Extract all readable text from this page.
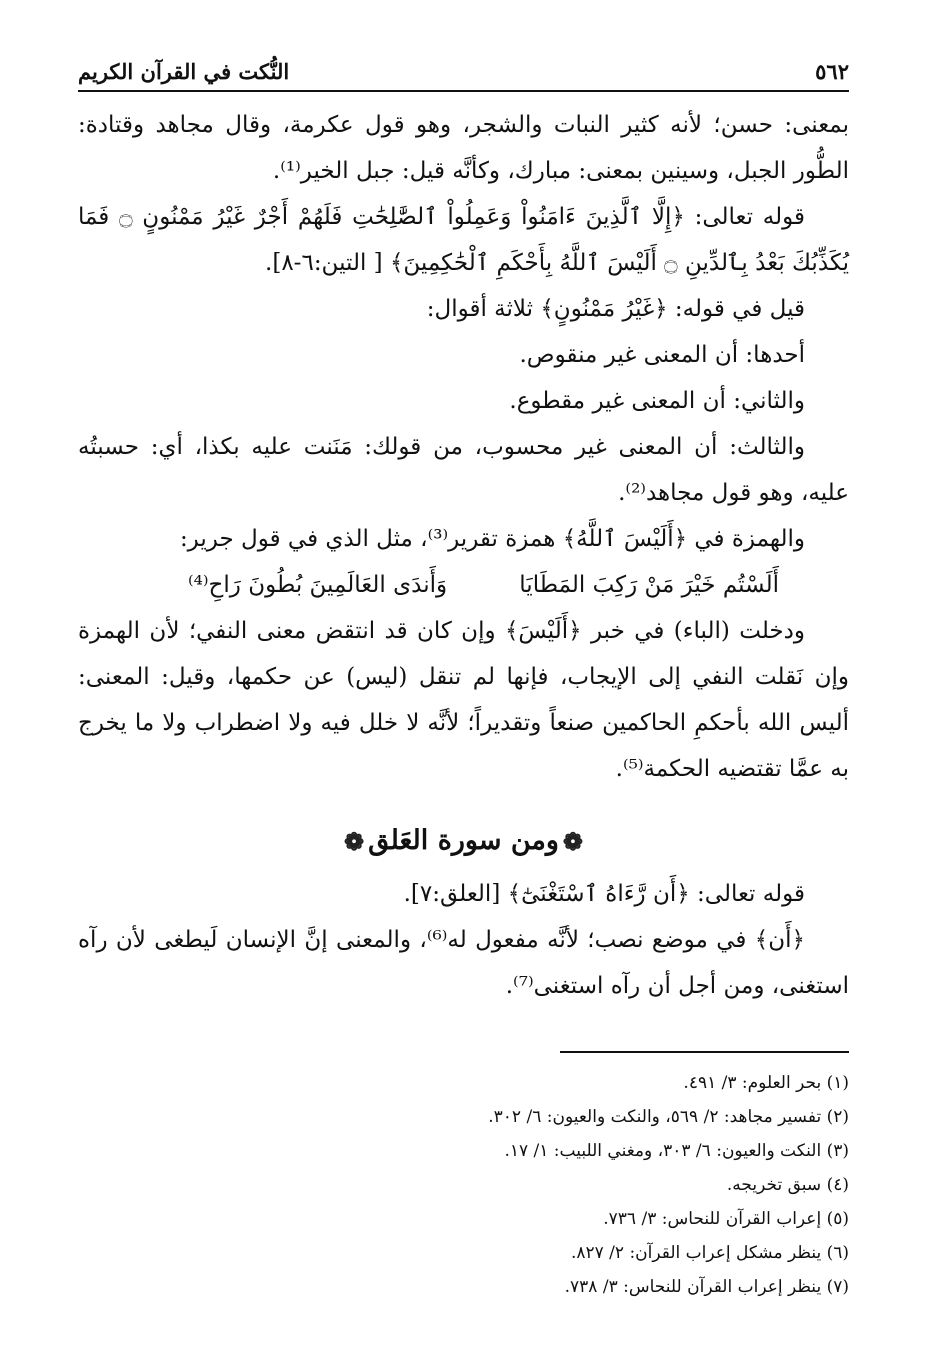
٥٦٢
النُّكت في القرآن الكريم

بمعنى: حسن؛ لأنه كثير النبات والشجر، وهو قول عكرمة، وقال مجاهد وقتادة: الطُّور الجبل، وسينين بمعنى: مبارك، وكأنَّه قيل: جبل الخير⁽¹⁾.

قوله تعالى: ﴿إِلَّا ٱلَّذِينَ ءَامَنُواْ وَعَمِلُواْ ٱلصَّٰلِحَٰتِ فَلَهُمْ أَجْرٌ غَيْرُ مَمْنُونٍ ۝ فَمَا يُكَذِّبُكَ بَعْدُ بِٱلدِّينِ ۝ أَلَيْسَ ٱللَّهُ بِأَحْكَمِ ٱلْحَٰكِمِينَ﴾ [ التين:٦-٨].

قيل في قوله: ﴿غَيْرُ مَمْنُونٍ﴾ ثلاثة أقوال:

أحدها: أن المعنى غير منقوص.

والثاني: أن المعنى غير مقطوع.

والثالث: أن المعنى غير محسوب، من قولك: مَنَنت عليه بكذا، أي: حسبتُه عليه، وهو قول مجاهد⁽²⁾.

والهمزة في ﴿أَلَيْسَ ٱللَّهُ﴾ همزة تقرير⁽³⁾، مثل الذي في قول جرير:

أَلَسْتُم خَيْرَ مَنْ رَكِبَ المَطَايَا
وَأَندَى العَالَمِينَ بُطُونَ رَاحِ⁽⁴⁾

ودخلت (الباء) في خبر ﴿أَلَيْسَ﴾ وإن كان قد انتقض معنى النفي؛ لأن الهمزة وإن نَقلت النفي إلى الإيجاب، فإنها لم تنقل (ليس) عن حكمها، وقيل: المعنى: أليس الله بأحكمِ الحاكمين صنعاً وتقديراً؛ لأنَّه لا خلل فيه ولا اضطراب ولا ما يخرج به عمَّا تقتضيه الحكمة⁽⁵⁾.

❁ومن سورة العَلق❁

قوله تعالى: ﴿أَن رَّءَاهُ ٱسْتَغْنَىٰٓ﴾ [العلق:٧].

﴿أَن﴾ في موضع نصب؛ لأنَّه مفعول له⁽⁶⁾، والمعنى إنَّ الإنسان لَيطغى لأن رآه استغنى، ومن أجل أن رآه استغنى⁽⁷⁾.

(١) بحر العلوم: ٣/ ٤٩١.
(٢) تفسير مجاهد: ٢/ ٥٦٩، والنكت والعيون: ٦/ ٣٠٢.
(٣) النكت والعيون: ٦/ ٣٠٣، ومغني اللبيب: ١/ ١٧.
(٤) سبق تخريجه.
(٥) إعراب القرآن للنحاس: ٣/ ٧٣٦.
(٦) ينظر مشكل إعراب القرآن: ٢/ ٨٢٧.
(٧) ينظر إعراب القرآن للنحاس: ٣/ ٧٣٨.
